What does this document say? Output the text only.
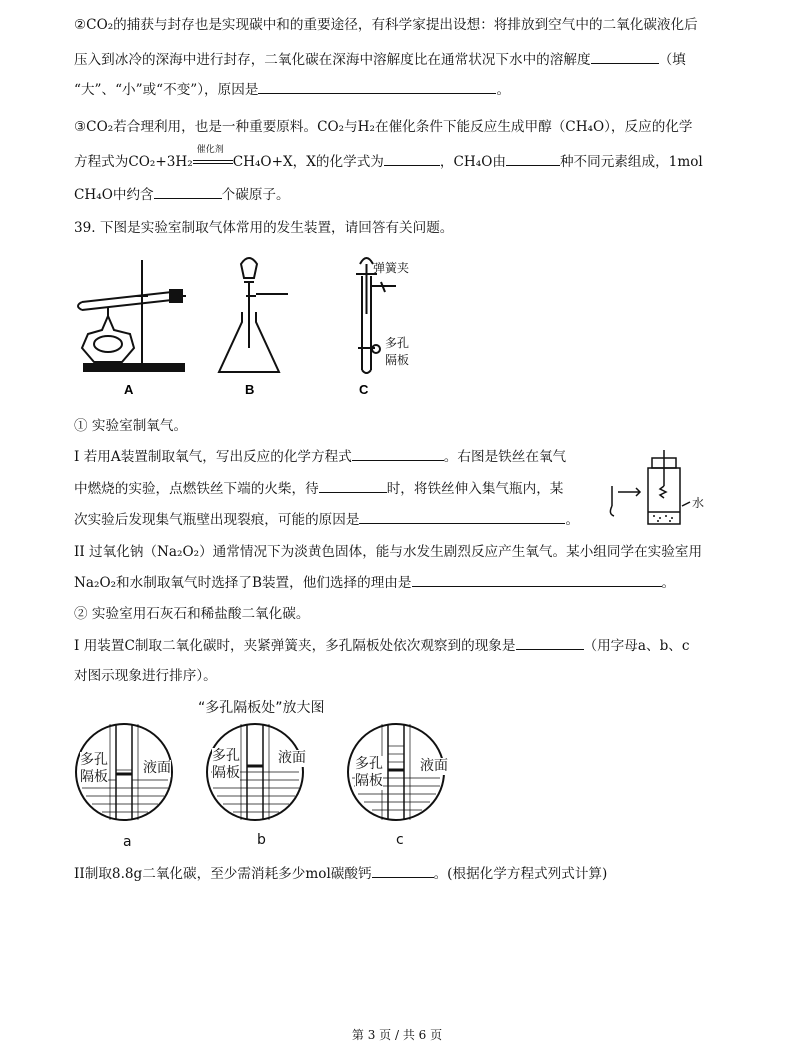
②CO₂的捕获与封存也是实现碳中和的重要途径，有科学家提出设想：将排放到空气中的二氧化碳液化后
压入到冰冷的深海中进行封存，二氧化碳在深海中溶解度比在通常状况下水中的溶解度	（填
“大”、“小”或“不变”），原因是	。
③CO₂若合理利用，也是一种重要原料。CO₂与H₂在催化条件下能反应生成甲醇（CH₄O），反应的化学
方程式为CO₂+3H₂
催化剂
CH₄O+X，X的化学式为	，CH₄O由	种不同元素组成，1mol
CH₄O中约含	个碳原子。
39. 下图是实验室制取气体常用的发生装置，请回答有关问题。
A	B	C
弹簧夹
多孔
隔板
① 实验室制氧气。
I 若用A装置制取氧气，写出反应的化学方程式	。右图是铁丝在氧气
中燃烧的实验，点燃铁丝下端的火柴，待	时，将铁丝伸入集气瓶内，某
次实验后发现集气瓶壁出现裂痕，可能的原因是	。
水
II 过氧化钠（Na₂O₂）通常情况下为淡黄色固体，能与水发生剧烈反应产生氧气。某小组同学在实验室用
Na₂O₂和水制取氧气时选择了B装置，他们选择的理由是	。
② 实验室用石灰石和稀盐酸二氧化碳。
I 用装置C制取二氧化碳时，夹紧弹簧夹，多孔隔板处依次观察到的现象是	（用字母a、b、c
对图示现象进行排序）。
“多孔隔板处”放大图
多孔
隔板
液面
多孔
隔板
液面	多孔
隔板
液面
a	b	c
II制取8.8g二氧化碳，至少需消耗多少mol碳酸钙	。(根据化学方程式列式计算)
第 3 页 / 共 6 页
